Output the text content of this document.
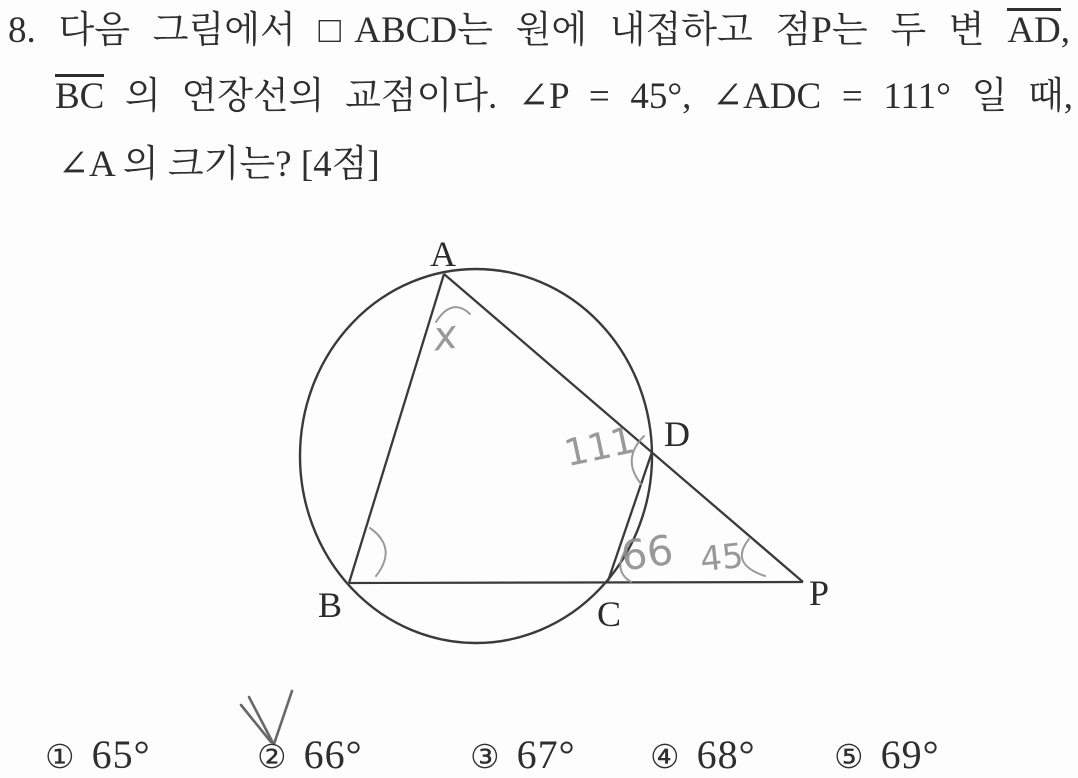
8. 다음 그림에서 □ABCD는 원에 내접하고 점P는 두 변 AD,
BC 의 연장선의 교점이다. ∠P = 45°, ∠ADC = 111° 일 때,
∠A 의 크기는? [4점]
A
B	C
D
P
x
111
66 45
① 65°	② 66°	③ 67° ④ 68° ⑤ 69°
